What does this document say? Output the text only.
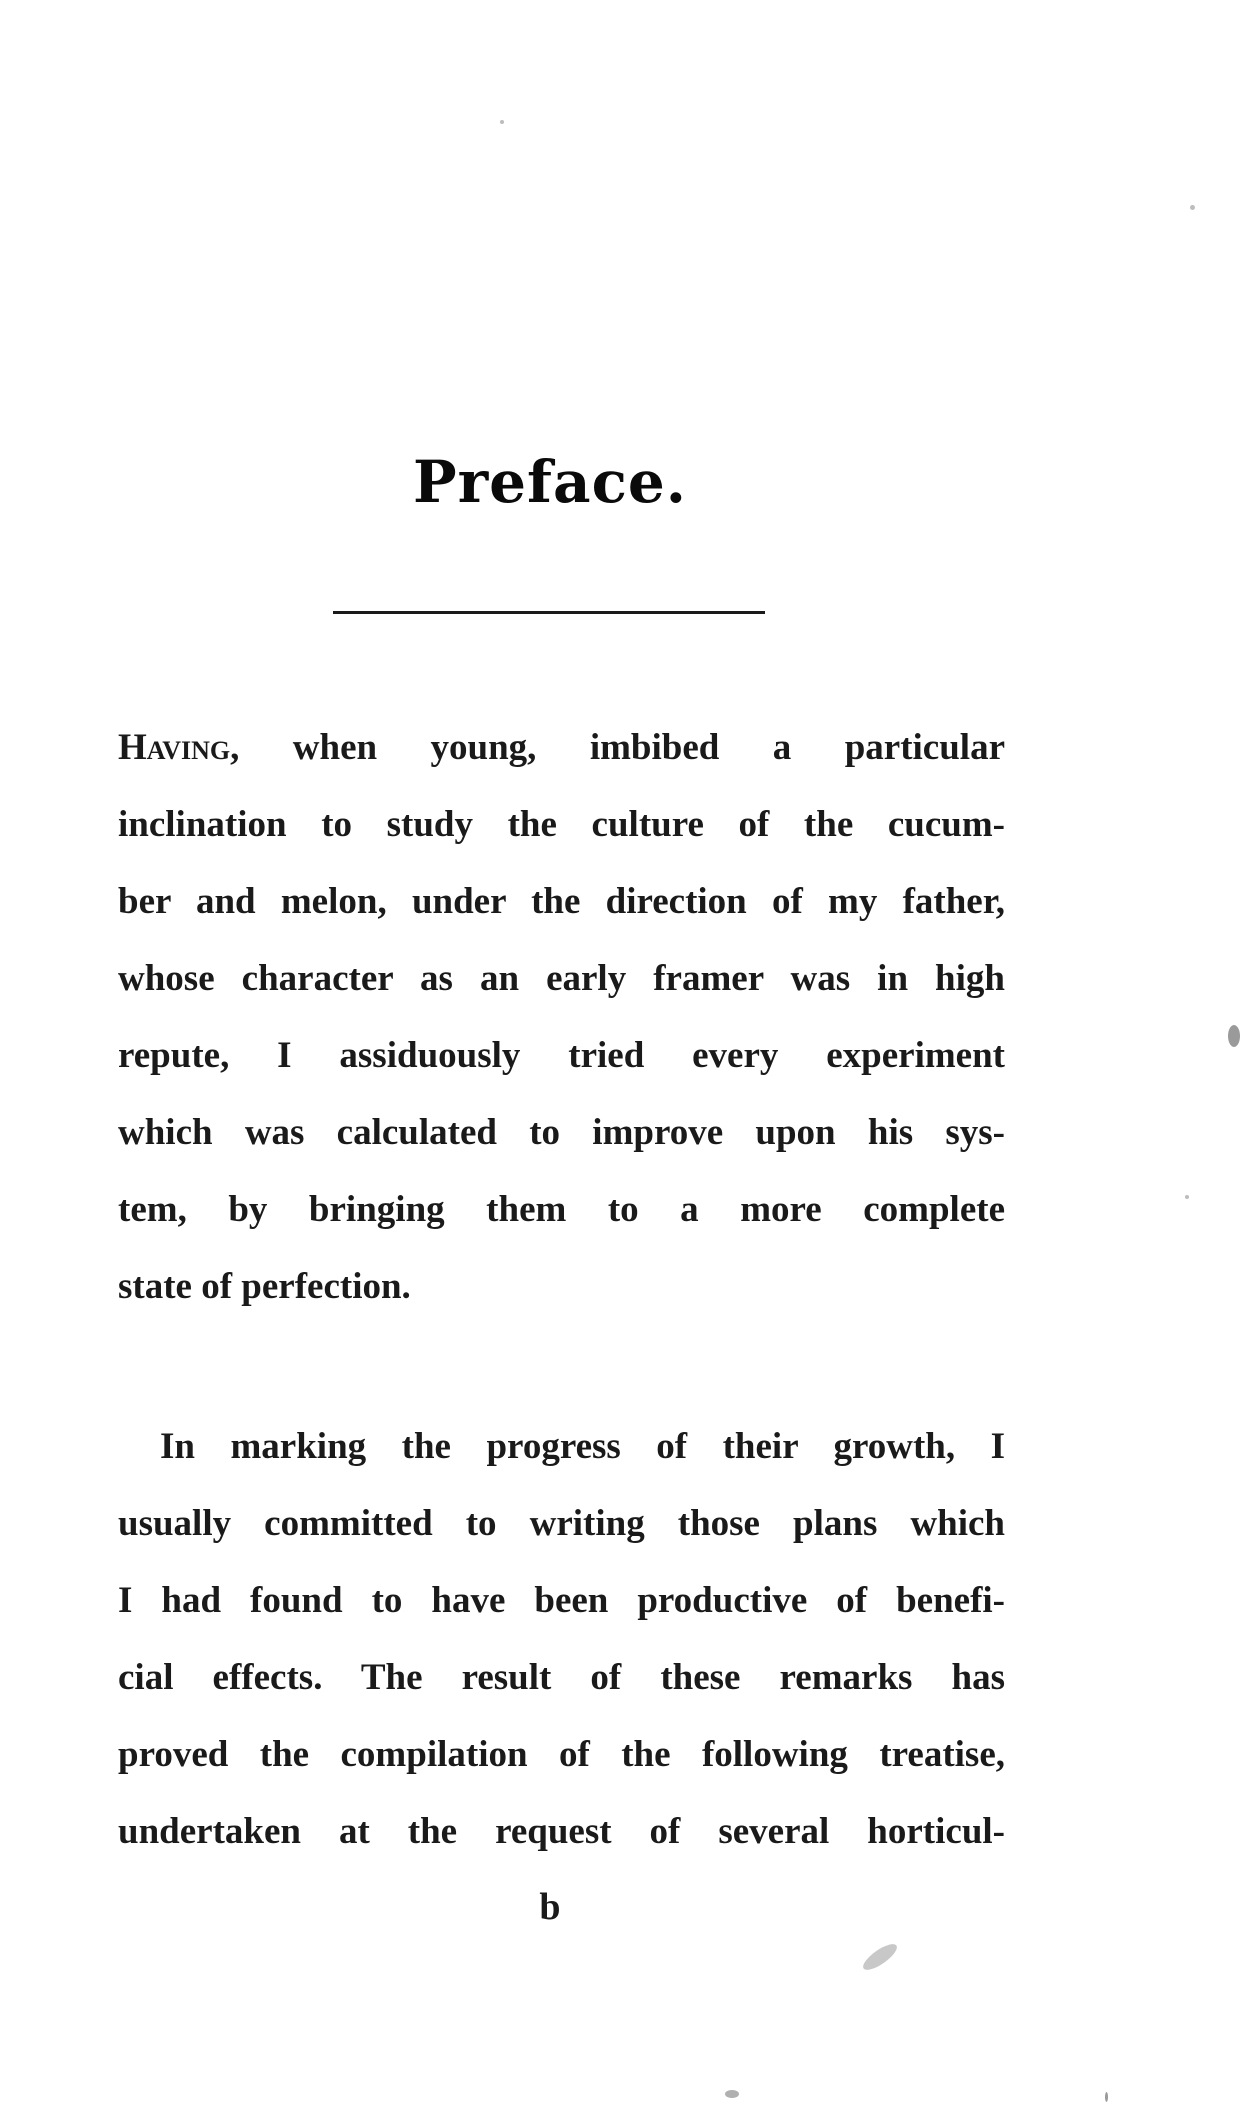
Preface.
Having, when young, imbibed a particular
inclination to study the culture of the cucum-
ber and melon, under the direction of my father,
whose character as an early framer was in high
repute, I assiduously tried every experiment
which was calculated to improve upon his sys-
tem, by bringing them to a more complete
state of perfection.
In marking the progress of their growth, I
usually committed to writing those plans which
I had found to have been productive of benefi-
cial effects. The result of these remarks has
proved the compilation of the following treatise,
undertaken at the request of several horticul-
b
